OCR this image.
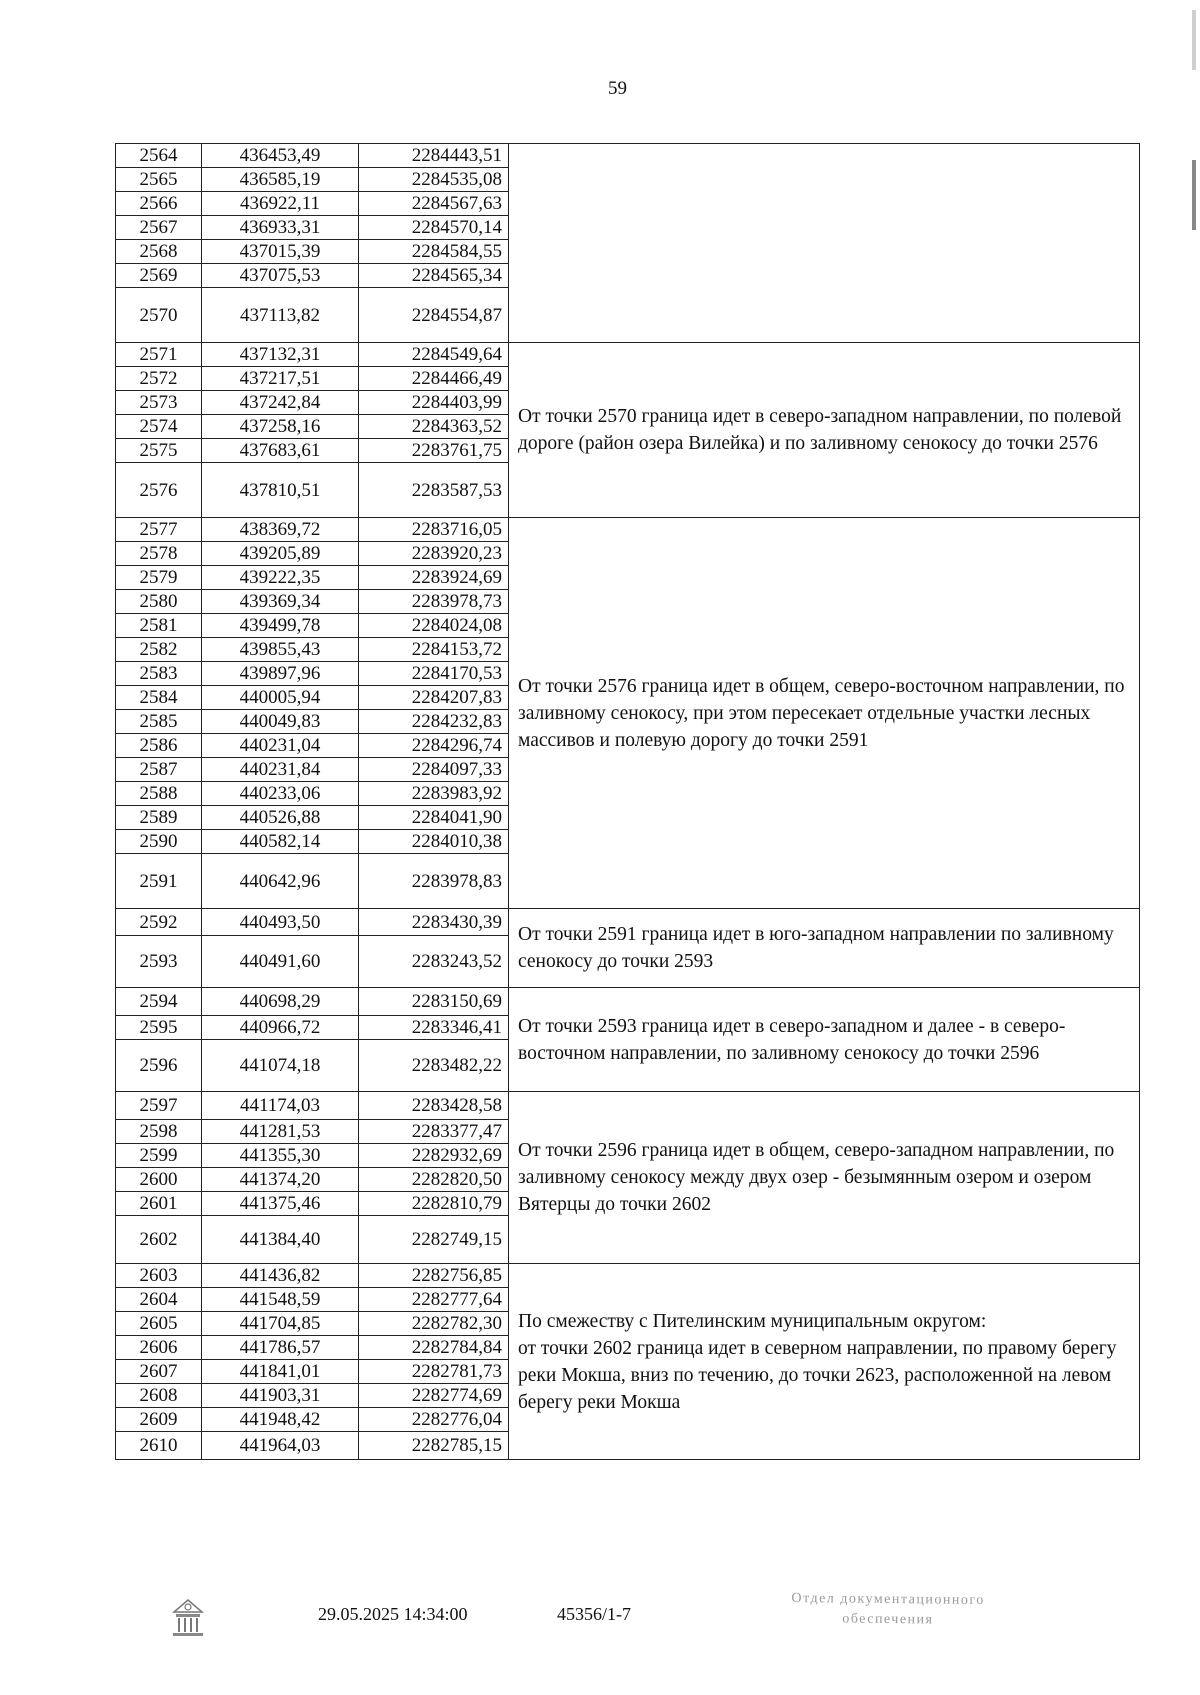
59
2564	436453,49	2284443,51	
2565	436585,19	2284535,08	
2566	436922,11	2284567,63	
2567	436933,31	2284570,14	
2568	437015,39	2284584,55	
2569	437075,53	2284565,34	
2570	437113,82	2284554,87	
2571	437132,31	2284549,64	От точки 2570 граница идет в северо-западном направлении, по полевой дороге (район озера Вилейка) и по заливному сенокосу до точки 2576
2572	437217,51	2284466,49	
2573	437242,84	2284403,99	
2574	437258,16	2284363,52	
2575	437683,61	2283761,75	
2576	437810,51	2283587,53	
2577	438369,72	2283716,05	От точки 2576 граница идет в общем, северо-восточном направлении, по заливному сенокосу, при этом пересекает отдельные участки лесных массивов и полевую дорогу до точки 2591
2578	439205,89	2283920,23	
2579	439222,35	2283924,69	
2580	439369,34	2283978,73	
2581	439499,78	2284024,08	
2582	439855,43	2284153,72	
2583	439897,96	2284170,53	
2584	440005,94	2284207,83	
2585	440049,83	2284232,83	
2586	440231,04	2284296,74	
2587	440231,84	2284097,33	
2588	440233,06	2283983,92	
2589	440526,88	2284041,90	
2590	440582,14	2284010,38	
2591	440642,96	2283978,83	
2592	440493,50	2283430,39	От точки 2591 граница идет в юго-западном направлении по заливному сенокосу до точки 2593
2593	440491,60	2283243,52	
2594	440698,29	2283150,69	От точки 2593 граница идет в северо-западном и далее - в северо-восточном направлении, по заливному сенокосу до точки 2596
2595	440966,72	2283346,41	
2596	441074,18	2283482,22	
2597	441174,03	2283428,58	От точки 2596 граница идет в общем, северо-западном направлении, по заливному сенокосу между двух озер - безымянным озером и озером Вятерцы до точки 2602
2598	441281,53	2283377,47	
2599	441355,30	2282932,69	
2600	441374,20	2282820,50	
2601	441375,46	2282810,79	
2602	441384,40	2282749,15	
2603	441436,82	2282756,85	По смежеству с Пителинским муниципальным округом:
от точки 2602 граница идет в северном направлении, по правому берегу реки Мокша, вниз по течению, до точки 2623, расположенной на левом берегу реки Мокша
2604	441548,59	2282777,64	
2605	441704,85	2282782,30	
2606	441786,57	2282784,84	
2607	441841,01	2282781,73	
2608	441903,31	2282774,69	
2609	441948,42	2282776,04	
2610	441964,03	2282785,15	
29.05.2025 14:34:00	45356/1-7
Отдел документационного
обеспечения
